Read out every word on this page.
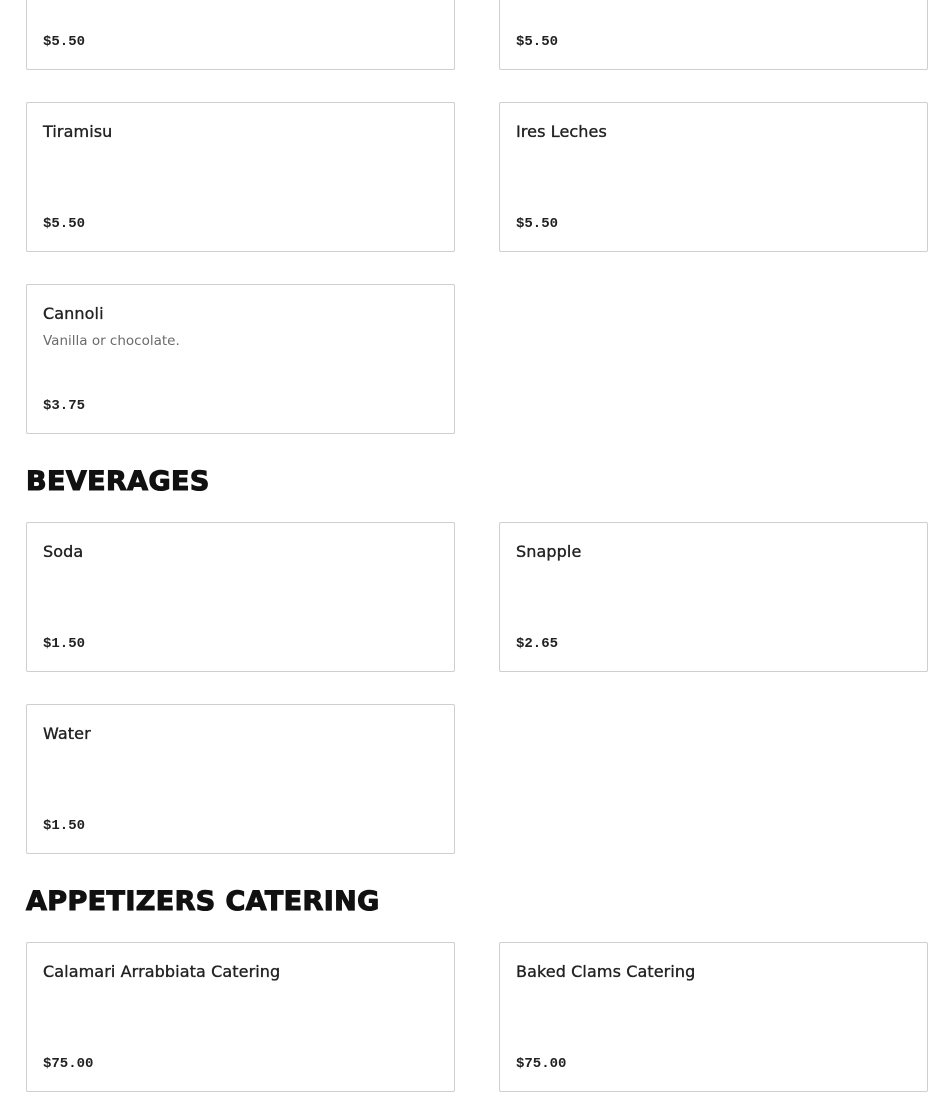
$5.50	$5.50
Tiramisu
$5.50
Ires Leches
$5.50
Cannoli
Vanilla or chocolate.
$3.75
BEVERAGES
Soda
$1.50
Snapple
$2.65
Water
$1.50
APPETIZERS CATERING
Calamari Arrabbiata Catering
$75.00
Baked Clams Catering
$75.00
